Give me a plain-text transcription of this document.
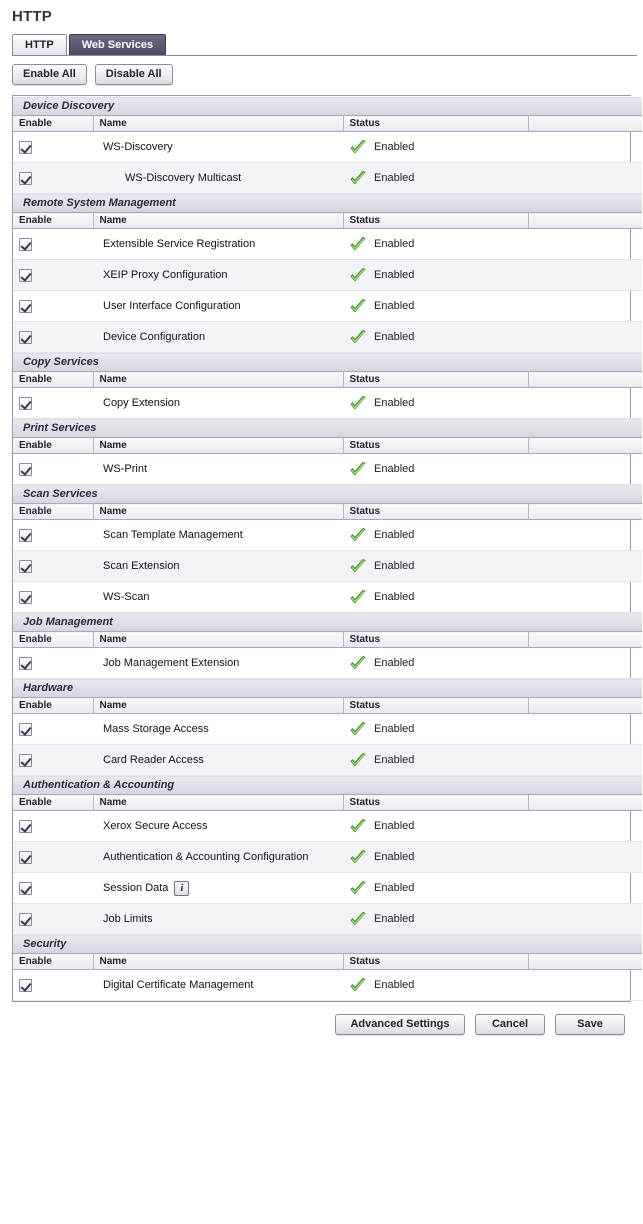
HTTP
HTTP	Web Services
Enable All	Disable All
Device Discovery			
Enable	Name	Status	

	WS-Discovery	Enabled	

	WS-Discovery Multicast	Enabled	

Remote System Management			
Enable	Name	Status	

	Extensible Service Registration	Enabled	

	XEIP Proxy Configuration	Enabled	

	User Interface Configuration	Enabled	

	Device Configuration	Enabled	

Copy Services			
Enable	Name	Status	

	Copy Extension	Enabled	

Print Services			
Enable	Name	Status	

	WS-Print	Enabled	

Scan Services			
Enable	Name	Status	

	Scan Template Management	Enabled	

	Scan Extension	Enabled	

	WS-Scan	Enabled	

Job Management			
Enable	Name	Status	

	Job Management Extension	Enabled	

Hardware			
Enable	Name	Status	

	Mass Storage Access	Enabled	

	Card Reader Access	Enabled	

Authentication & Accounting			
Enable	Name	Status	

	Xerox Secure Access	Enabled	

	Authentication & Accounting Configuration	Enabled	

	Session Data i	Enabled	

	Job Limits	Enabled	

Security			
Enable	Name	Status	

	Digital Certificate Management	Enabled	

Advanced Settings	Cancel	Save
